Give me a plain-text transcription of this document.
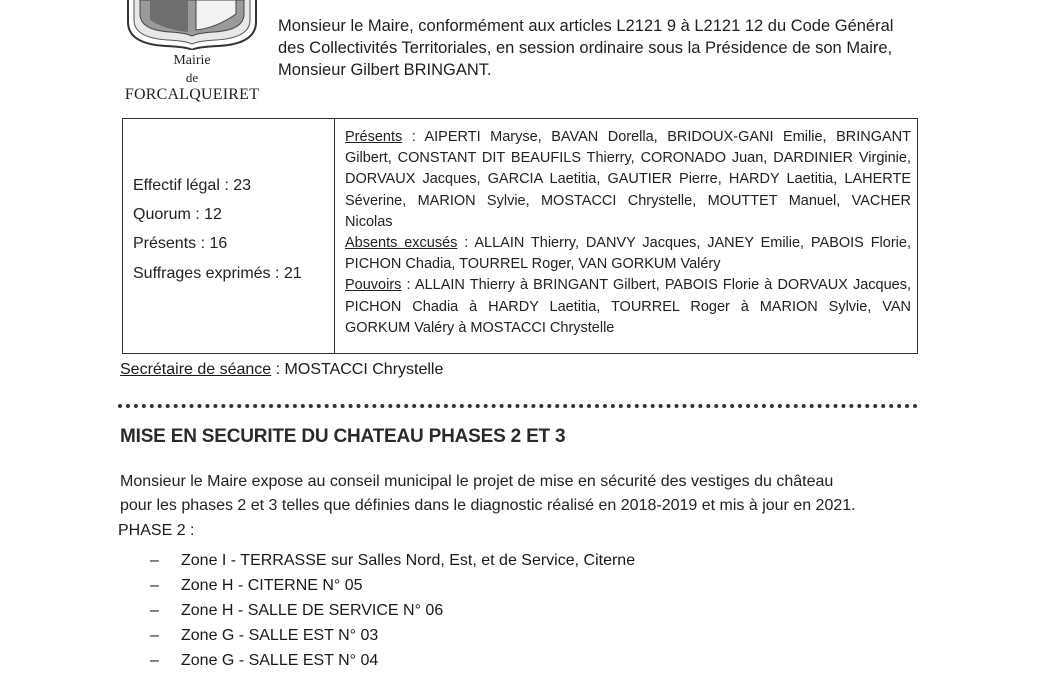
Mairie
de
FORCALQUEIRET

Monsieur le Maire, conformément aux articles L2121 9 à L2121 12 du Code Général

des Collectivités Territoriales, en session ordinaire sous la Présidence de son Maire,

Monsieur Gilbert BRINGANT.

Effectif légal : 23
Quorum : 12
Présents : 16
Suffrages exprimés : 21

Présents : AIPERTI Maryse, BAVAN Dorella, BRIDOUX-GANI Emilie, BRINGANT Gilbert, CONSTANT DIT BEAUFILS Thierry, CORONADO Juan, DARDINIER Virginie, DORVAUX Jacques, GARCIA Laetitia, GAUTIER Pierre, HARDY Laetitia, LAHERTE Séverine, MARION Sylvie, MOSTACCI Chrystelle, MOUTTET Manuel, VACHER Nicolas

Absents excusés : ALLAIN Thierry, DANVY Jacques, JANEY Emilie, PABOIS Florie, PICHON Chadia, TOURREL Roger, VAN GORKUM Valéry

Pouvoirs : ALLAIN Thierry à BRINGANT Gilbert, PABOIS Florie à DORVAUX Jacques, PICHON Chadia à HARDY Laetitia, TOURREL Roger à MARION Sylvie, VAN GORKUM Valéry à MOSTACCI Chrystelle

Secrétaire de séance : MOSTACCI Chrystelle
MISE EN SECURITE DU CHATEAU PHASES 2 ET 3

Monsieur le Maire expose au conseil municipal le projet de mise en sécurité des vestiges du château

pour les phases 2 et 3 telles que définies dans le diagnostic réalisé en 2018-2019 et mis à jour en 2021.

PHASE 2 :
– Zone I - TERRASSE sur Salles Nord, Est, et de Service, Citerne
– Zone H - CITERNE N° 05
– Zone H - SALLE DE SERVICE N° 06
– Zone G - SALLE EST N° 03
– Zone G - SALLE EST N° 04
